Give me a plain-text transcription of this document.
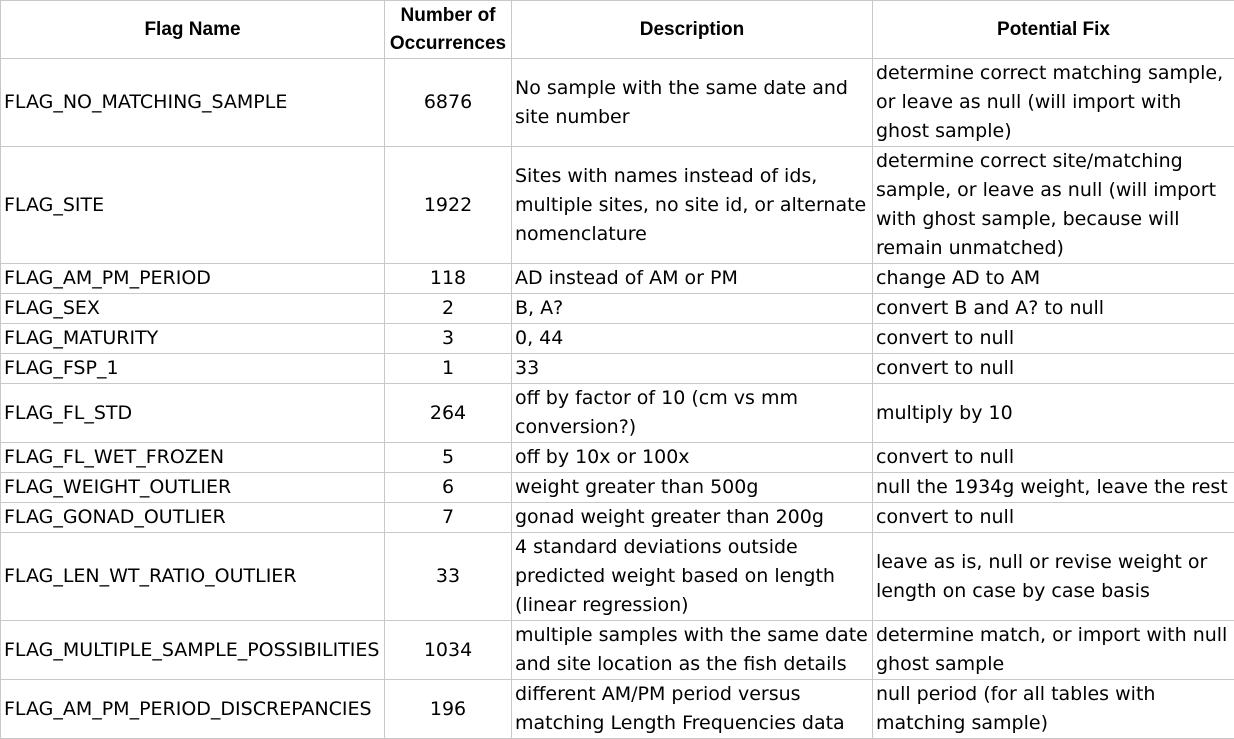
Flag Name	Number of Occurrences	Description	Potential Fix
FLAG_NO_MATCHING_SAMPLE	6876	No sample with the same date and site number	determine correct matching sample, or leave as null (will import with ghost sample)
FLAG_SITE	1922	Sites with names instead of ids, multiple sites, no site id, or alternate nomenclature	determine correct site/matching sample, or leave as null (will import with ghost sample, because will remain unmatched)
FLAG_AM_PM_PERIOD	118	AD instead of AM or PM	change AD to AM
FLAG_SEX	2	B, A?	convert B and A? to null
FLAG_MATURITY	3	0, 44	convert to null
FLAG_FSP_1	1	33	convert to null
FLAG_FL_STD	264	off by factor of 10 (cm vs mm conversion?)	multiply by 10
FLAG_FL_WET_FROZEN	5	off by 10x or 100x	convert to null
FLAG_WEIGHT_OUTLIER	6	weight greater than 500g	null the 1934g weight, leave the rest
FLAG_GONAD_OUTLIER	7	gonad weight greater than 200g	convert to null
FLAG_LEN_WT_RATIO_OUTLIER	33	4 standard deviations outside predicted weight based on length (linear regression)	leave as is, null or revise weight or length on case by case basis
FLAG_MULTIPLE_SAMPLE_POSSIBILITIES	1034	multiple samples with the same date and site location as the fish details	determine match, or import with null ghost sample
FLAG_AM_PM_PERIOD_DISCREPANCIES	196	different AM/PM period versus matching Length Frequencies data	null period (for all tables with matching sample)
